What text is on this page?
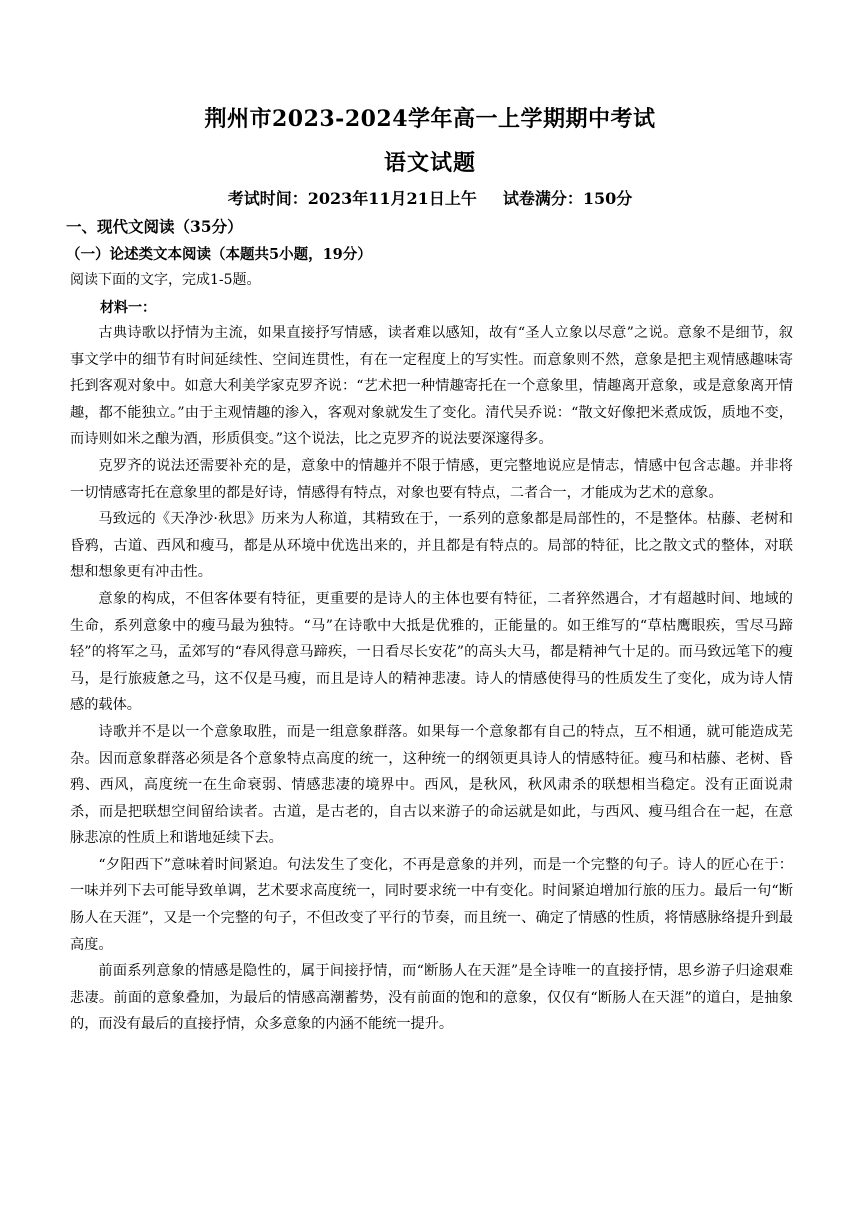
荆州市2023-2024学年高一上学期期中考试
语文试题
考试时间：2023年11月21日上午 试卷满分：150分
一、现代文阅读（35分）
（一）论述类文本阅读（本题共5小题，19分）
阅读下面的文字，完成1-5题。
材料一：

古典诗歌以抒情为主流，如果直接抒写情感，读者难以感知，故有“圣人立象以尽意”之说。意象不是细节，叙事文学中的细节有时间延续性、空间连贯性，有在一定程度上的写实性。而意象则不然，意象是把主观情感趣味寄托到客观对象中。如意大利美学家克罗齐说：“艺术把一种情趣寄托在一个意象里，情趣离开意象，或是意象离开情趣，都不能独立。”由于主观情趣的渗入，客观对象就发生了变化。清代吴乔说：“散文好像把米煮成饭，质地不变，而诗则如米之酿为酒，形质俱变。”这个说法，比之克罗齐的说法要深邃得多。

克罗齐的说法还需要补充的是，意象中的情趣并不限于情感，更完整地说应是情志，情感中包含志趣。并非将一切情感寄托在意象里的都是好诗，情感得有特点，对象也要有特点，二者合一，才能成为艺术的意象。

马致远的《天净沙·秋思》历来为人称道，其精致在于，一系列的意象都是局部性的，不是整体。枯藤、老树和昏鸦，古道、西风和瘦马，都是从环境中优选出来的，并且都是有特点的。局部的特征，比之散文式的整体，对联想和想象更有冲击性。

意象的构成，不但客体要有特征，更重要的是诗人的主体也要有特征，二者猝然遇合，才有超越时间、地域的生命，系列意象中的瘦马最为独特。“马”在诗歌中大抵是优雅的，正能量的。如王维写的“草枯鹰眼疾，雪尽马蹄轻”的将军之马，孟郊写的“春风得意马蹄疾，一日看尽长安花”的高头大马，都是精神气十足的。而马致远笔下的瘦马，是行旅疲惫之马，这不仅是马瘦，而且是诗人的精神悲凄。诗人的情感使得马的性质发生了变化，成为诗人情感的载体。

诗歌并不是以一个意象取胜，而是一组意象群落。如果每一个意象都有自己的特点，互不相通，就可能造成芜杂。因而意象群落必须是各个意象特点高度的统一，这种统一的纲领更具诗人的情感特征。瘦马和枯藤、老树、昏鸦、西风，高度统一在生命衰弱、情感悲凄的境界中。西风，是秋风，秋风肃杀的联想相当稳定。没有正面说肃杀，而是把联想空间留给读者。古道，是古老的，自古以来游子的命运就是如此，与西风、瘦马组合在一起，在意脉悲凉的性质上和谐地延续下去。

“夕阳西下”意味着时间紧迫。句法发生了变化，不再是意象的并列，而是一个完整的句子。诗人的匠心在于：一味并列下去可能导致单调，艺术要求高度统一，同时要求统一中有变化。时间紧迫增加行旅的压力。最后一句“断肠人在天涯”，又是一个完整的句子，不但改变了平行的节奏，而且统一、确定了情感的性质，将情感脉络提升到最高度。

前面系列意象的情感是隐性的，属于间接抒情，而“断肠人在天涯”是全诗唯一的直接抒情，思乡游子归途艰难悲凄。前面的意象叠加，为最后的情感高潮蓄势，没有前面的饱和的意象，仅仅有“断肠人在天涯”的道白，是抽象的，而没有最后的直接抒情，众多意象的内涵不能统一提升。
